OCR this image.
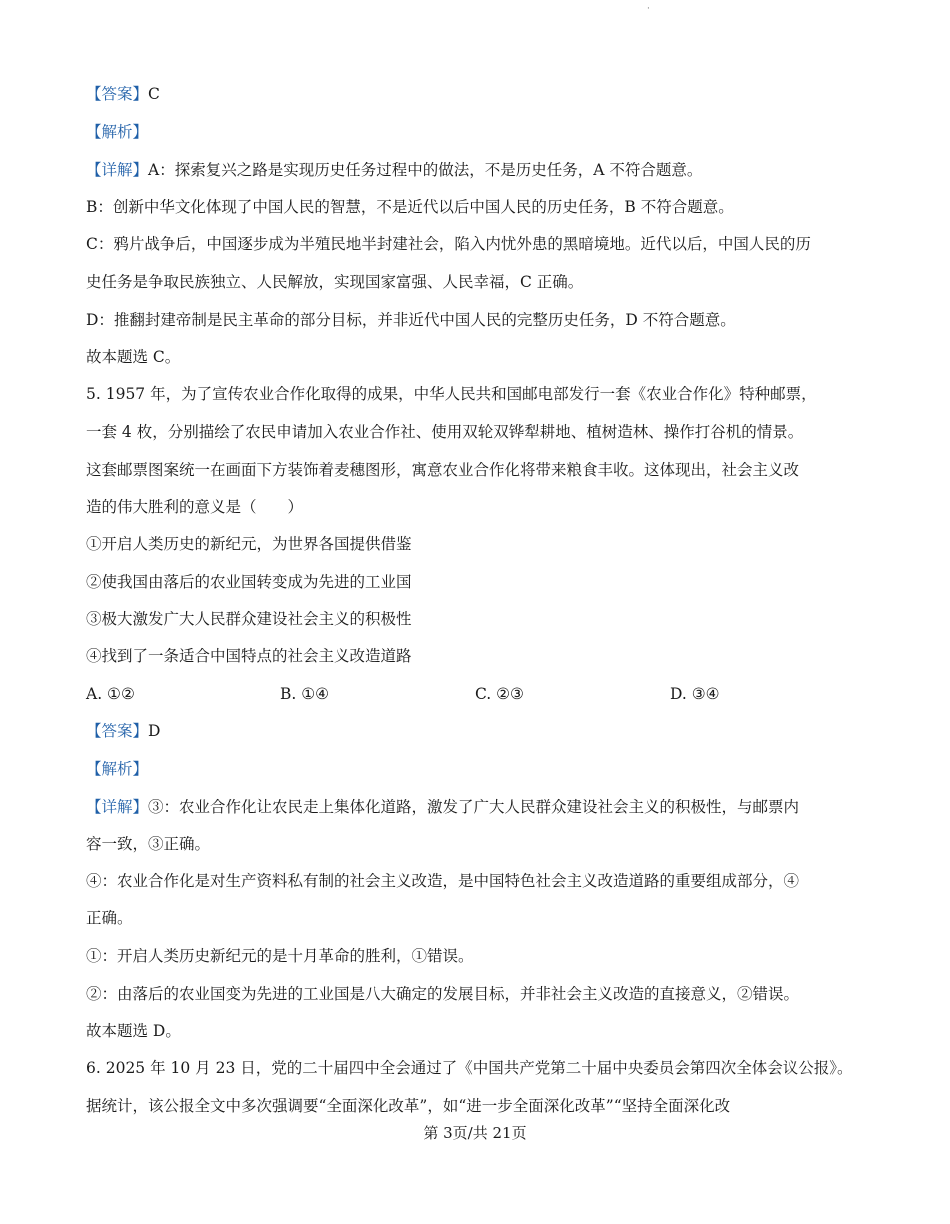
·
【答案】C
【解析】
【详解】A：探索复兴之路是实现历史任务过程中的做法，不是历史任务，A 不符合题意。
B：创新中华文化体现了中国人民的智慧，不是近代以后中国人民的历史任务，B 不符合题意。
C：鸦片战争后，中国逐步成为半殖民地半封建社会，陷入内忧外患的黑暗境地。近代以后，中国人民的历
史任务是争取民族独立、人民解放，实现国家富强、人民幸福，C 正确。
D：推翻封建帝制是民主革命的部分目标，并非近代中国人民的完整历史任务，D 不符合题意。
故本题选 C。
5. 1957 年，为了宣传农业合作化取得的成果，中华人民共和国邮电部发行一套《农业合作化》特种邮票，
一套 4 枚，分别描绘了农民申请加入农业合作社、使用双轮双铧犁耕地、植树造林、操作打谷机的情景。
这套邮票图案统一在画面下方装饰着麦穗图形，寓意农业合作化将带来粮食丰收。这体现出，社会主义改
造的伟大胜利的意义是（　　）
①开启人类历史的新纪元，为世界各国提供借鉴
②使我国由落后的农业国转变成为先进的工业国
③极大激发广大人民群众建设社会主义的积极性
④找到了一条适合中国特点的社会主义改造道路
A. ①②	B. ①④	C. ②③	D. ③④
【答案】D
【解析】
【详解】③：农业合作化让农民走上集体化道路，激发了广大人民群众建设社会主义的积极性，与邮票内
容一致，③正确。
④：农业合作化是对生产资料私有制的社会主义改造，是中国特色社会主义改造道路的重要组成部分，④
正确。
①：开启人类历史新纪元的是十月革命的胜利，①错误。
②：由落后的农业国变为先进的工业国是八大确定的发展目标，并非社会主义改造的直接意义，②错误。
故本题选 D。
6. 2025 年 10 月 23 日，党的二十届四中全会通过了《中国共产党第二十届中央委员会第四次全体会议公报》。
据统计，该公报全文中多次强调要“全面深化改革”，如“进一步全面深化改革”“坚持全面深化改
第 3页/共 21页
